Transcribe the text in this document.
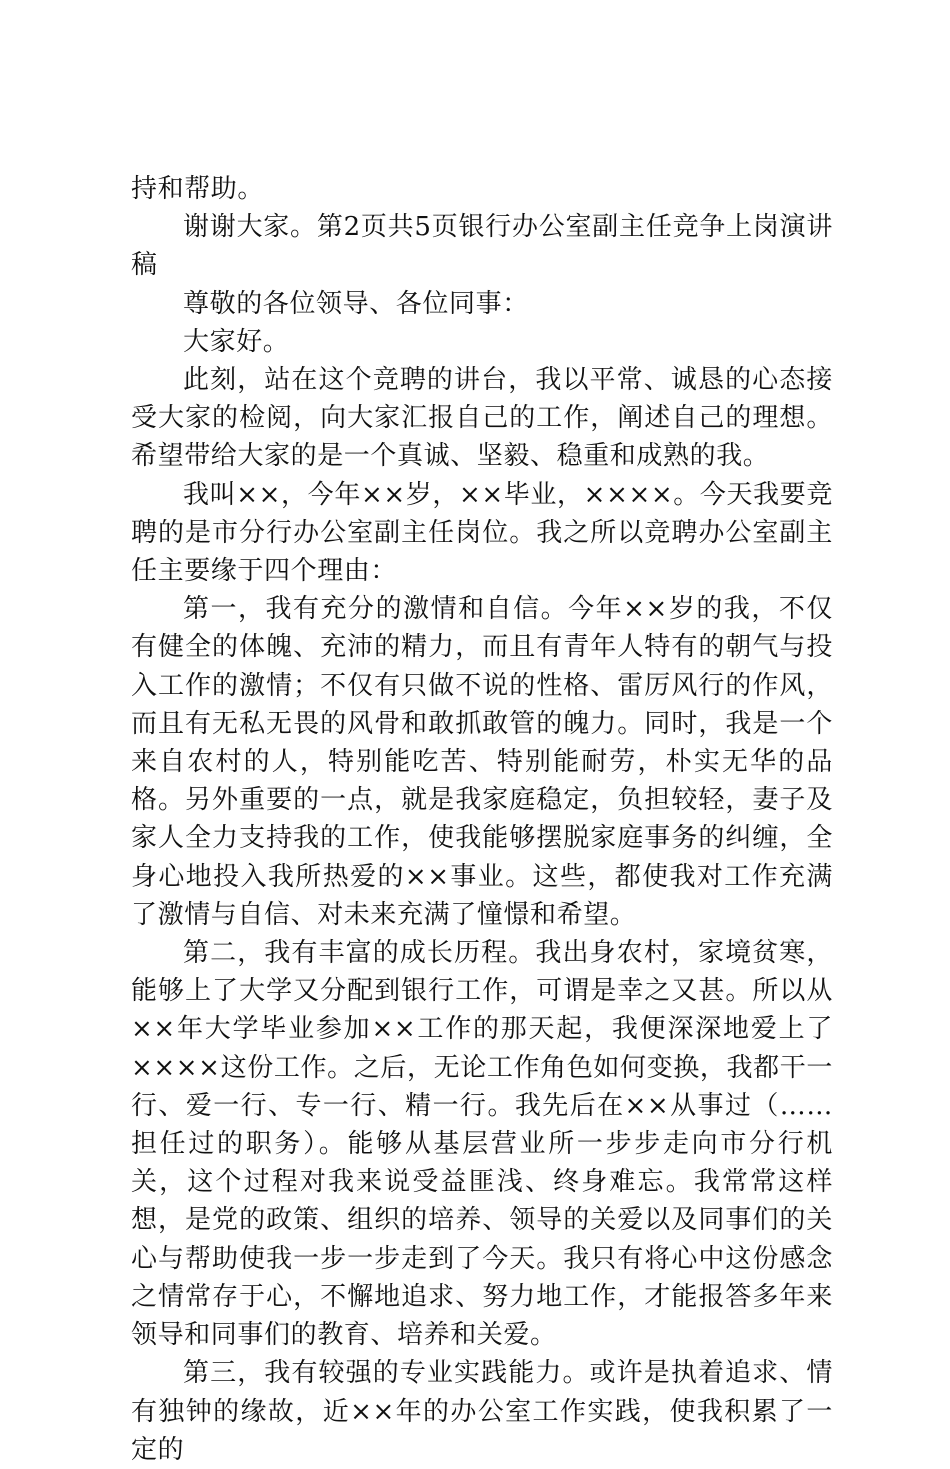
持和帮助。

谢谢大家。第2页共5页银行办公室副主任竞争上岗演讲稿

尊敬的各位领导、各位同事：

大家好。

此刻，站在这个竞聘的讲台，我以平常、诚恳的心态接受大家的检阅，向大家汇报自己的工作，阐述自己的理想。希望带给大家的是一个真诚、坚毅、稳重和成熟的我。

我叫××，今年××岁，××毕业，××××。今天我要竞聘的是市分行办公室副主任岗位。我之所以竞聘办公室副主任主要缘于四个理由：

第一，我有充分的激情和自信。今年××岁的我，不仅有健全的体魄、充沛的精力，而且有青年人特有的朝气与投入工作的激情；不仅有只做不说的性格、雷厉风行的作风，而且有无私无畏的风骨和敢抓敢管的魄力。同时，我是一个来自农村的人，特别能吃苦、特别能耐劳，朴实无华的品格。另外重要的一点，就是我家庭稳定，负担较轻，妻子及家人全力支持我的工作，使我能够摆脱家庭事务的纠缠，全身心地投入我所热爱的××事业。这些，都使我对工作充满了激情与自信、对未来充满了憧憬和希望。

第二，我有丰富的成长历程。我出身农村，家境贫寒，能够上了大学又分配到银行工作，可谓是幸之又甚。所以从××年大学毕业参加××工作的那天起，我便深深地爱上了××××这份工作。之后，无论工作角色如何变换，我都干一行、爱一行、专一行、精一行。我先后在××从事过（……担任过的职务）。能够从基层营业所一步步走向市分行机关，这个过程对我来说受益匪浅、终身难忘。我常常这样想，是党的政策、组织的培养、领导的关爱以及同事们的关心与帮助使我一步一步走到了今天。我只有将心中这份感念之情常存于心，不懈地追求、努力地工作，才能报答多年来领导和同事们的教育、培养和关爱。

第三，我有较强的专业实践能力。或许是执着追求、情有独钟的缘故，近××年的办公室工作实践，使我积累了一定的
